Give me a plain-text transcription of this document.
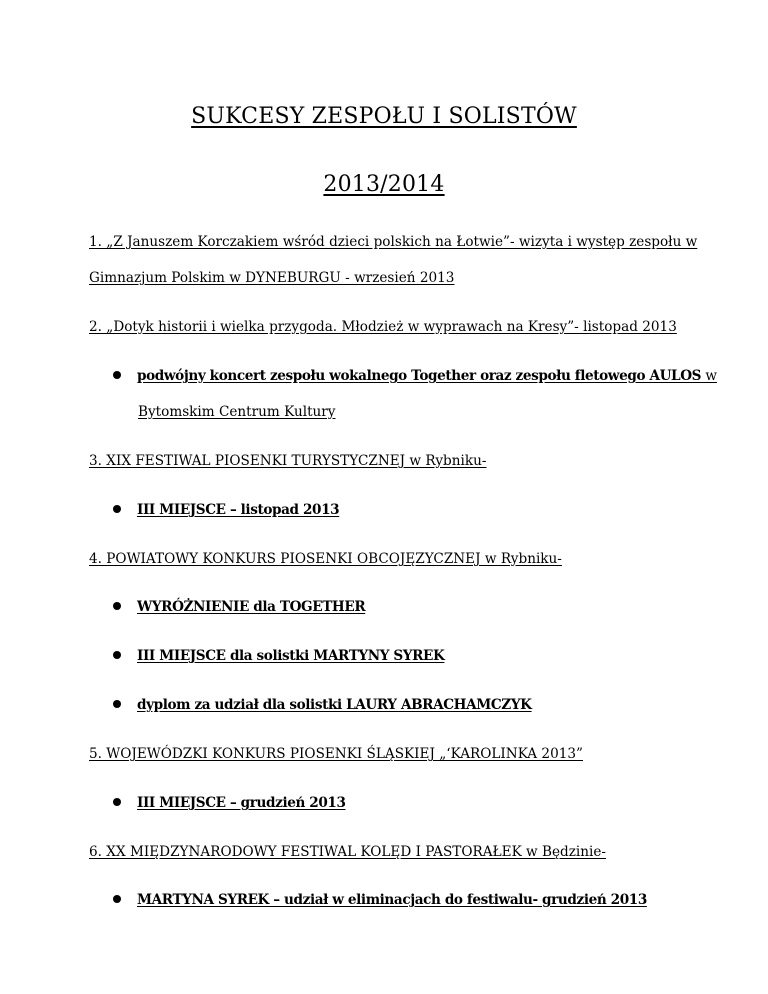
SUKCESY ZESPOŁU I SOLISTÓW
2013/2014
1. „Z Januszem Korczakiem wśród dzieci polskich na Łotwie”- wizyta i występ zespołu w
Gimnazjum Polskim w DYNEBURGU - wrzesień 2013
2. „Dotyk historii i wielka przygoda. Młodzież w wyprawach na Kresy”- listopad 2013
podwójny koncert zespołu wokalnego Together oraz zespołu fletowego AULOS w
Bytomskim Centrum Kultury
3. XIX FESTIWAL PIOSENKI TURYSTYCZNEJ w Rybniku-
III MIEJSCE – listopad 2013
4. POWIATOWY KONKURS PIOSENKI OBCOJĘZYCZNEJ w Rybniku-
WYRÓŻNIENIE dla TOGETHER
III MIEJSCE dla solistki MARTYNY SYREK
dyplom za udział dla solistki LAURY ABRACHAMCZYK
5. WOJEWÓDZKI KONKURS PIOSENKI ŚLĄSKIEJ „‘KAROLINKA 2013”
III MIEJSCE – grudzień 2013
6. XX MIĘDZYNARODOWY FESTIWAL KOLĘD I PASTORAŁEK w Będzinie-
MARTYNA SYREK – udział w eliminacjach do festiwalu- grudzień 2013
